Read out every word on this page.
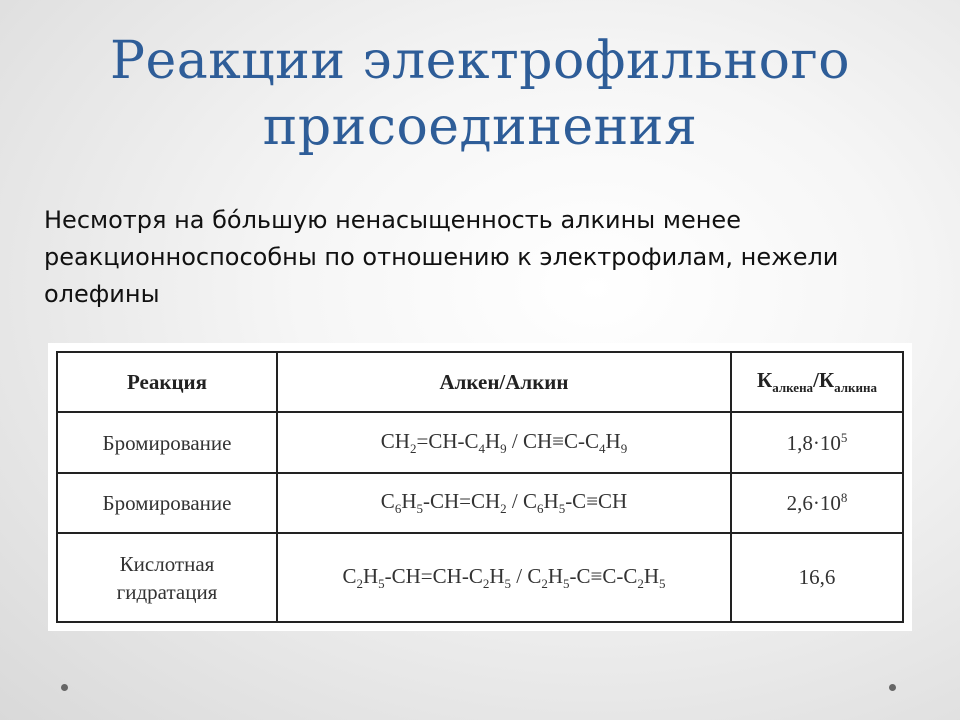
Реакции электрофильного
присоединения

Несмотря на бóльшую ненасыщенность алкины менее реакционноспособны по отношению к электрофилам, нежели олефины

Реакция	Алкен/Алкин	$К_{алкена}/К_{алкина}$
Бромирование	$CH_2=CH-C_4H_9 / CH\equiv C-C_4H_9$	$1,8\cdot 10^5$
Бромирование	$C_6H_5-CH=CH_2 / C_6H_5-C\equiv CH$	$2,6\cdot 10^8$
Кислотная
гидратация	$C_2H_5-CH=CH-C_2H_5 / C_2H_5-C\equiv C-C_2H_5$	16,6
